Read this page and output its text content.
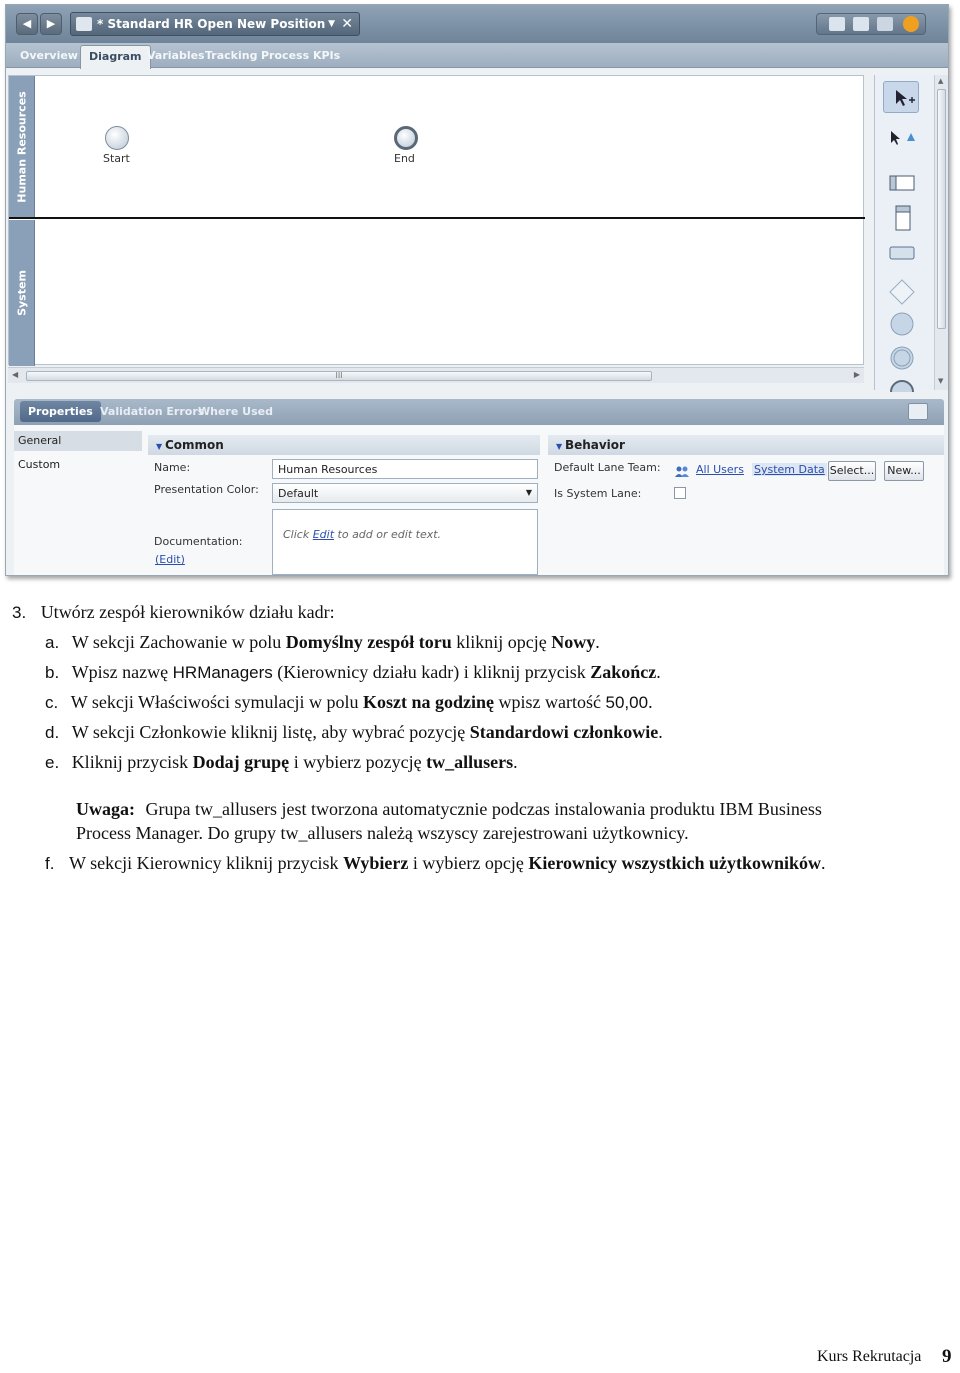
◀	▶	* Standard HR Open New Position ▼ ✕
Overview	Diagram Variables Tracking Process KPIs
Human Resources
System
Start	End
◀	III	▶
▲
▼
Properties Validation Errors
Where Used
General
Custom
▼ Common
Name:	Human Resources
Presentation Color:	Default	▼
Documentation:
(Edit)
Click Edit to add or edit text.
▼ Behavior
Default Lane Team:	All Users System Data Select... New...
Is System Lane:
3. Utwórz zespół kierowników działu kadr:
a. W sekcji Zachowanie w polu Domyślny zespół toru kliknij opcję Nowy.
b. Wpisz nazwę HRManagers (Kierownicy działu kadr) i kliknij przycisk Zakończ.
c. W sekcji Właściwości symulacji w polu Koszt na godzinę wpisz wartość 50,00.
d. W sekcji Członkowie kliknij listę, aby wybrać pozycję Standardowi członkowie.
e. Kliknij przycisk Dodaj grupę i wybierz pozycję tw_allusers.
Uwaga: Grupa tw_allusers jest tworzona automatycznie podczas instalowania produktu IBM Business
Process Manager. Do grupy tw_allusers należą wszyscy zarejestrowani użytkownicy.
f. W sekcji Kierownicy kliknij przycisk Wybierz i wybierz opcję Kierownicy wszystkich użytkowników.
Kurs Rekrutacja 9
